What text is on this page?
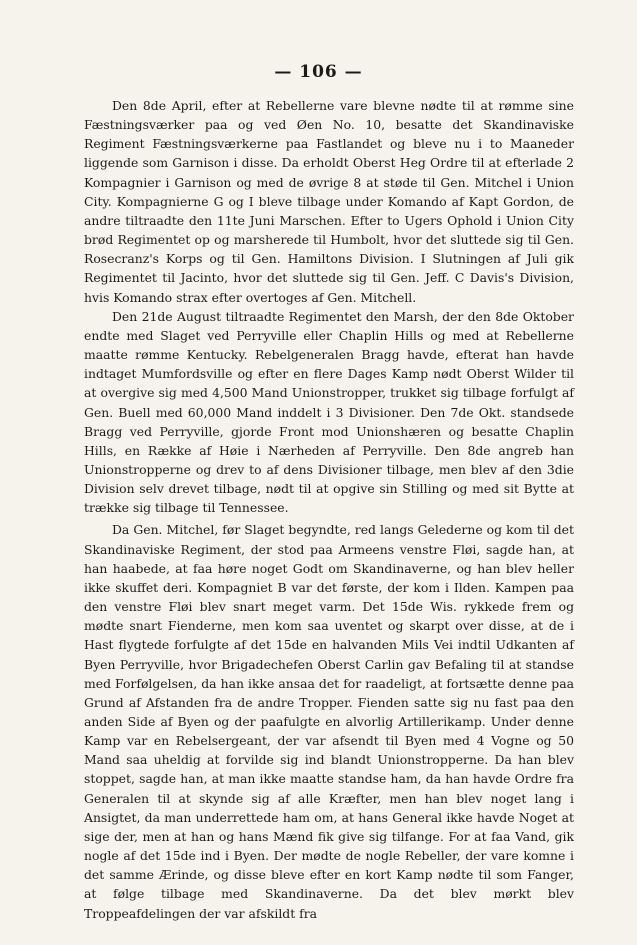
— 106 —

Den 8de April, efter at Rebellerne vare blevne nødte til at rømme sine Fæstningsværker paa og ved Øen No. 10, besatte det Skandinaviske Regiment Fæstningsværkerne paa Fastlandet og bleve nu i to Maaneder liggende som Garnison i disse. Da erholdt Oberst Heg Ordre til at efterlade 2 Kompagnier i Garnison og med de øvrige 8 at støde til Gen. Mitchel i Union City. Kompagnierne G og I bleve tilbage under Komando af Kapt Gordon, de andre tiltraadte den 11te Juni Marschen. Efter to Ugers Ophold i Union City brød Regimentet op og marsherede til Humbolt, hvor det sluttede sig til Gen. Rosecranz's Korps og til Gen. Hamiltons Division. I Slutningen af Juli gik Regimentet til Jacinto, hvor det sluttede sig til Gen. Jeff. C Davis's Division, hvis Komando strax efter overtoges af Gen. Mitchell.

Den 21de August tiltraadte Regimentet den Marsh, der den 8de Oktober endte med Slaget ved Perryville eller Chaplin Hills og med at Rebellerne maatte rømme Kentucky. Rebelgeneralen Bragg havde, efterat han havde indtaget Mumfordsville og efter en flere Dages Kamp nødt Oberst Wilder til at overgive sig med 4,500 Mand Unionstropper, trukket sig tilbage forfulgt af Gen. Buell med 60,000 Mand inddelt i 3 Divisioner. Den 7de Okt. standsede Bragg ved Perryville, gjorde Front mod Unionshæren og besatte Chaplin Hills, en Række af Høie i Nærheden af Perryville. Den 8de angreb han Unionstropperne og drev to af dens Divisioner tilbage, men blev af den 3die Division selv drevet tilbage, nødt til at opgive sin Stilling og med sit Bytte at trække sig tilbage til Tennessee.

Da Gen. Mitchel, før Slaget begyndte, red langs Gelederne og kom til det Skandinaviske Regiment, der stod paa Armeens venstre Fløi, sagde han, at han haabede, at faa høre noget Godt om Skandinaverne, og han blev heller ikke skuffet deri. Kompagniet B var det første, der kom i Ilden. Kampen paa den venstre Fløi blev snart meget varm. Det 15de Wis. rykkede frem og mødte snart Fienderne, men kom saa uventet og skarpt over disse, at de i Hast flygtede forfulgte af det 15de en halvanden Mils Vei indtil Udkanten af Byen Perryville, hvor Brigadechefen Oberst Carlin gav Befaling til at standse med Forfølgelsen, da han ikke ansaa det for raadeligt, at fortsætte denne paa Grund af Afstanden fra de andre Tropper. Fienden satte sig nu fast paa den anden Side af Byen og der paafulgte en alvorlig Artillerikamp. Under denne Kamp var en Rebelsergeant, der var afsendt til Byen med 4 Vogne og 50 Mand saa uheldig at forvilde sig ind blandt Unionstropperne. Da han blev stoppet, sagde han, at man ikke maatte standse ham, da han havde Ordre fra Generalen til at skynde sig af alle Kræfter, men han blev noget lang i Ansigtet, da man underrettede ham om, at hans General ikke havde Noget at sige der, men at han og hans Mænd fik give sig tilfange. For at faa Vand, gik nogle af det 15de ind i Byen. Der mødte de nogle Rebeller, der vare komne i det samme Ærinde, og disse bleve efter en kort Kamp nødte til som Fanger, at følge tilbage med Skandinaverne. Da det blev mørkt blev Troppeafdelingen der var afskildt fra
